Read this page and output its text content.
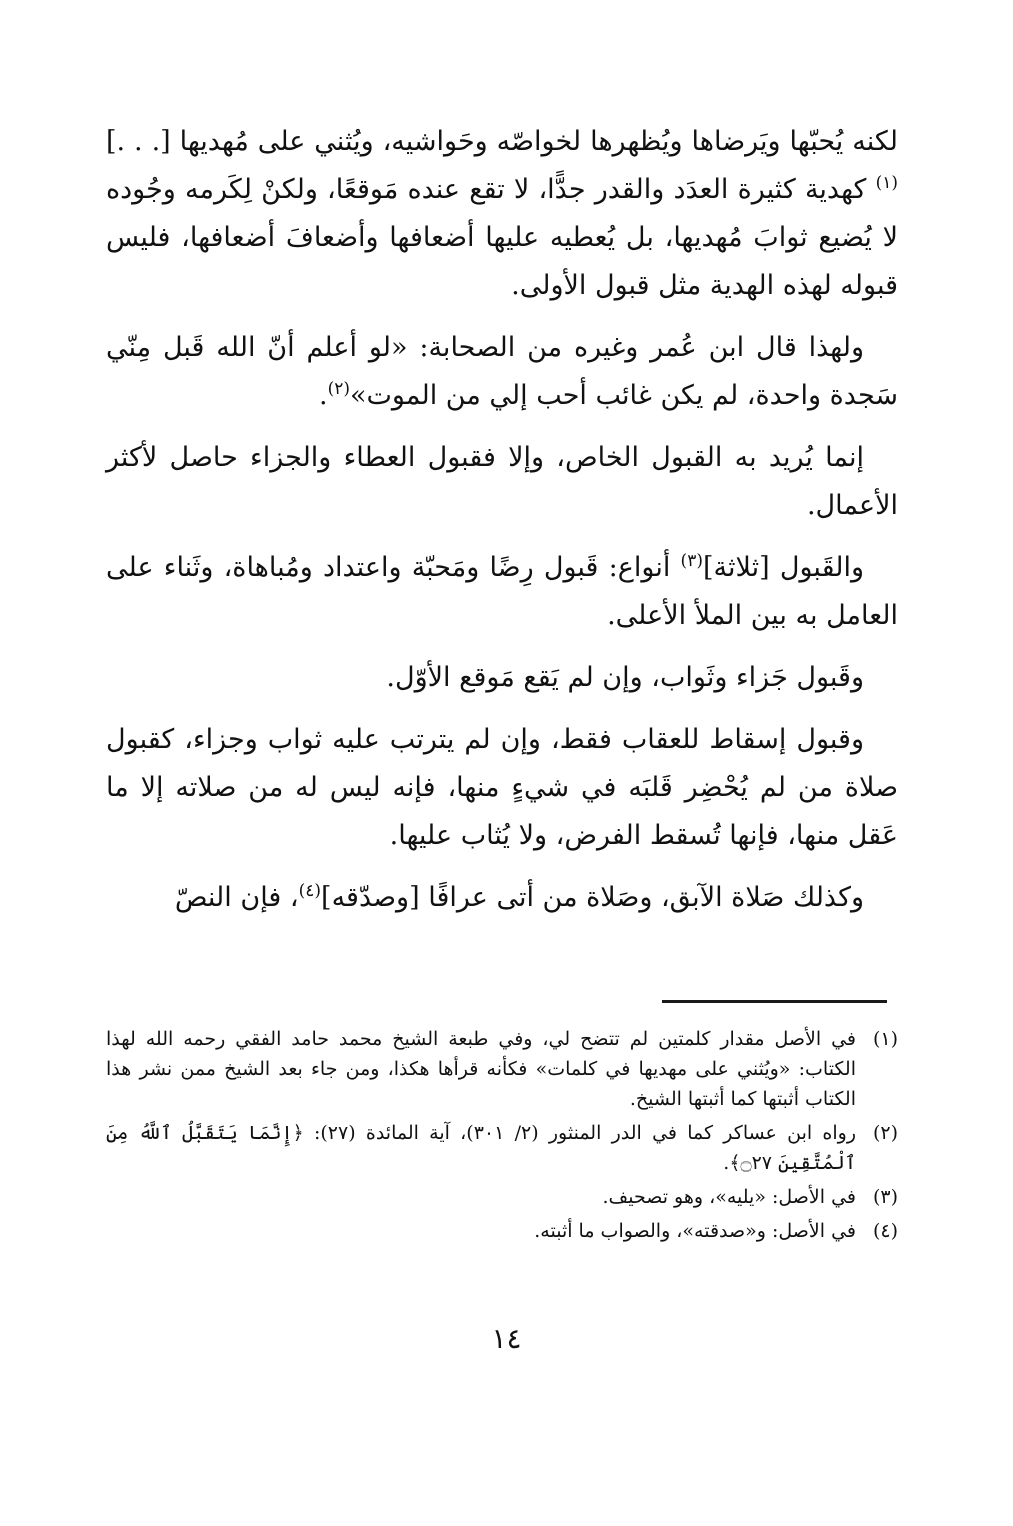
لكنه يُحبّها ويَرضاها ويُظهرها لخواصّه وحَواشيه، ويُثني على مُهديها [. . .]$^{(١)}$ كهدية كثيرة العدَد والقدر جدًّا، لا تقع عنده مَوقعًا، ولكنْ لِكَرمه وجُوده لا يُضيع ثوابَ مُهديها، بل يُعطيه عليها أضعافها وأضعافَ أضعافها، فليس قبوله لهذه الهدية مثل قبول الأولى.

ولهذا قال ابن عُمر وغيره من الصحابة: «لو أعلم أنّ الله قَبل مِنّي سَجدة واحدة، لم يكن غائب أحب إلي من الموت»$^{(٢)}$.

إنما يُريد به القبول الخاص، وإلا فقبول العطاء والجزاء حاصل لأكثر الأعمال.

والقَبول [ثلاثة]$^{(٣)}$ أنواع: قَبول رِضًا ومَحبّة واعتداد ومُباهاة، وثَناء على العامل به بين الملأ الأعلى.

وقَبول جَزاء وثَواب، وإن لم يَقع مَوقع الأوّل.

وقبول إسقاط للعقاب فقط، وإن لم يترتب عليه ثواب وجزاء، كقبول صلاة من لم يُحْضِر قَلبَه في شيءٍ منها، فإنه ليس له من صلاته إلا ما عَقل منها، فإنها تُسقط الفرض، ولا يُثاب عليها.

وكذلك صَلاة الآبق، وصَلاة من أتى عرافًا [وصدّقه]$^{(٤)}$، فإن النصّ

(١)
في الأصل مقدار كلمتين لم تتضح لي، وفي طبعة الشيخ محمد حامد الفقي رحمه الله لهذا الكتاب: «ويُثني على مهديها في كلمات» فكأنه قرأها هكذا، ومن جاء بعد الشيخ ممن نشر هذا الكتاب أثبتها كما أثبتها الشيخ.
(٢)
رواه ابن عساكر كما في الدر المنثور (٢/ ٣٠١)، آية المائدة (٢٧): ﴿إِنَّمَا يَتَقَبَّلُ ٱللَّهُ مِنَ ٱلْمُتَّقِينَ ۝٢٧﴾.
(٣)
في الأصل: «يليه»، وهو تصحيف.
(٤)
في الأصل: و«صدقته»، والصواب ما أثبته.
١٤
